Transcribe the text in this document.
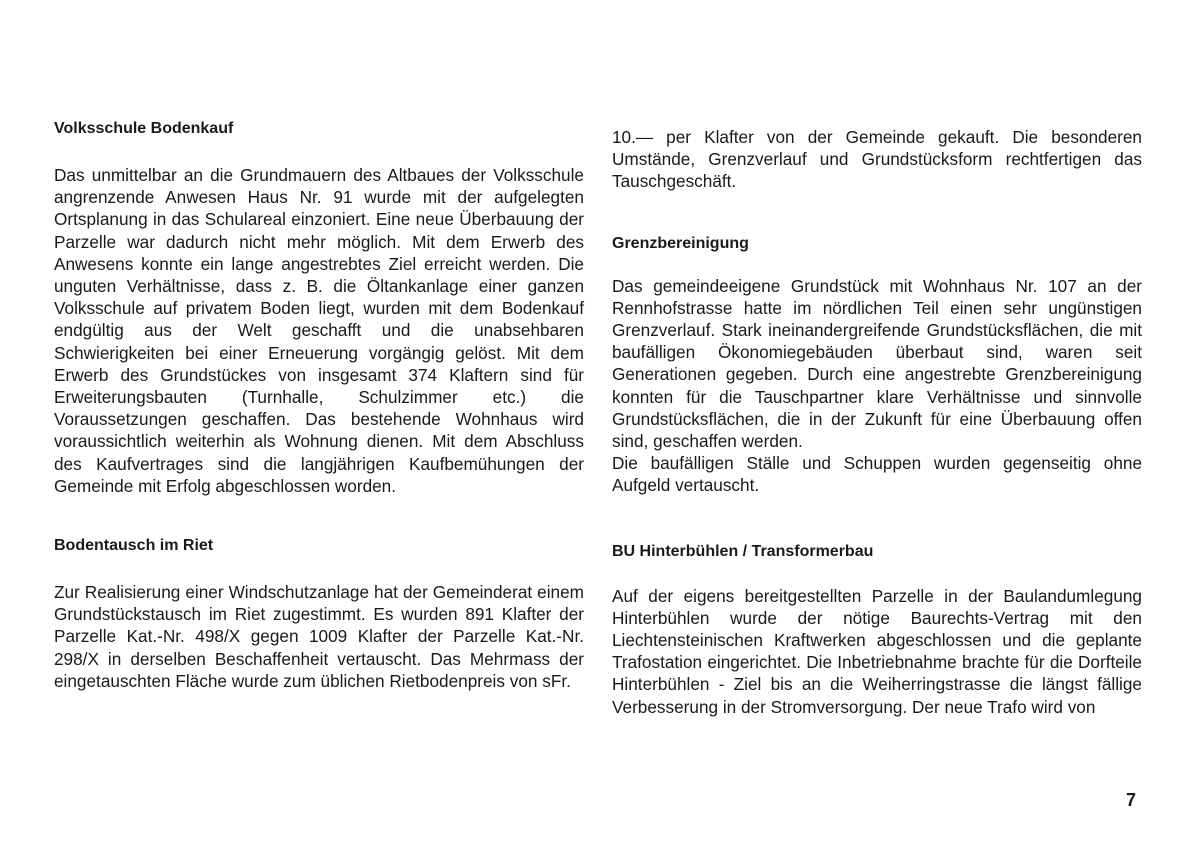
Volksschule Bodenkauf

Das unmittelbar an die Grundmauern des Altbaues der Volksschule angrenzende Anwesen Haus Nr. 91 wurde mit der aufgelegten Ortsplanung in das Schulareal einzoniert. Eine neue Überbauung der Parzelle war dadurch nicht mehr möglich. Mit dem Erwerb des Anwesens konnte ein lange angestrebtes Ziel erreicht werden. Die unguten Verhältnisse, dass z. B. die Öltankanlage einer ganzen Volksschule auf privatem Boden liegt, wurden mit dem Bodenkauf endgültig aus der Welt geschafft und die unabsehbaren Schwierigkeiten bei einer Erneuerung vorgängig gelöst. Mit dem Erwerb des Grundstückes von insgesamt 374 Klaftern sind für Erweiterungsbauten (Turnhalle, Schulzimmer etc.) die Voraussetzungen geschaffen. Das bestehende Wohnhaus wird voraussichtlich weiterhin als Wohnung dienen. Mit dem Abschluss des Kaufvertrages sind die langjährigen Kaufbemühungen der Gemeinde mit Erfolg abgeschlossen worden.

Bodentausch im Riet

Zur Realisierung einer Windschutzanlage hat der Gemeinderat einem Grundstückstausch im Riet zugestimmt. Es wurden 891 Klafter der Parzelle Kat.-Nr. 498/X gegen 1009 Klafter der Parzelle Kat.-Nr. 298/X in derselben Beschaffenheit vertauscht. Das Mehrmass der eingetauschten Fläche wurde zum üblichen Rietbodenpreis von sFr.

10.— per Klafter von der Gemeinde gekauft. Die besonderen Umstände, Grenzverlauf und Grundstücksform rechtfertigen das Tauschgeschäft.

Grenzbereinigung

Das gemeindeeigene Grundstück mit Wohnhaus Nr. 107 an der Rennhofstrasse hatte im nördlichen Teil einen sehr ungünstigen Grenzverlauf. Stark ineinandergreifende Grundstücksflächen, die mit baufälligen Ökonomiegebäuden überbaut sind, waren seit Generationen gegeben. Durch eine angestrebte Grenzbereinigung konnten für die Tauschpartner klare Verhältnisse und sinnvolle Grundstücksflächen, die in der Zukunft für eine Überbauung offen sind, geschaffen werden.

Die baufälligen Ställe und Schuppen wurden gegenseitig ohne Aufgeld vertauscht.

BU Hinterbühlen / Transformerbau

Auf der eigens bereitgestellten Parzelle in der Baulandumlegung Hinterbühlen wurde der nötige Baurechts-Vertrag mit den Liechtensteinischen Kraftwerken abgeschlossen und die geplante Trafostation eingerichtet. Die Inbetriebnahme brachte für die Dorfteile Hinterbühlen - Ziel bis an die Weiherringstrasse die längst fällige Verbesserung in der Stromversorgung. Der neue Trafo wird von

7
